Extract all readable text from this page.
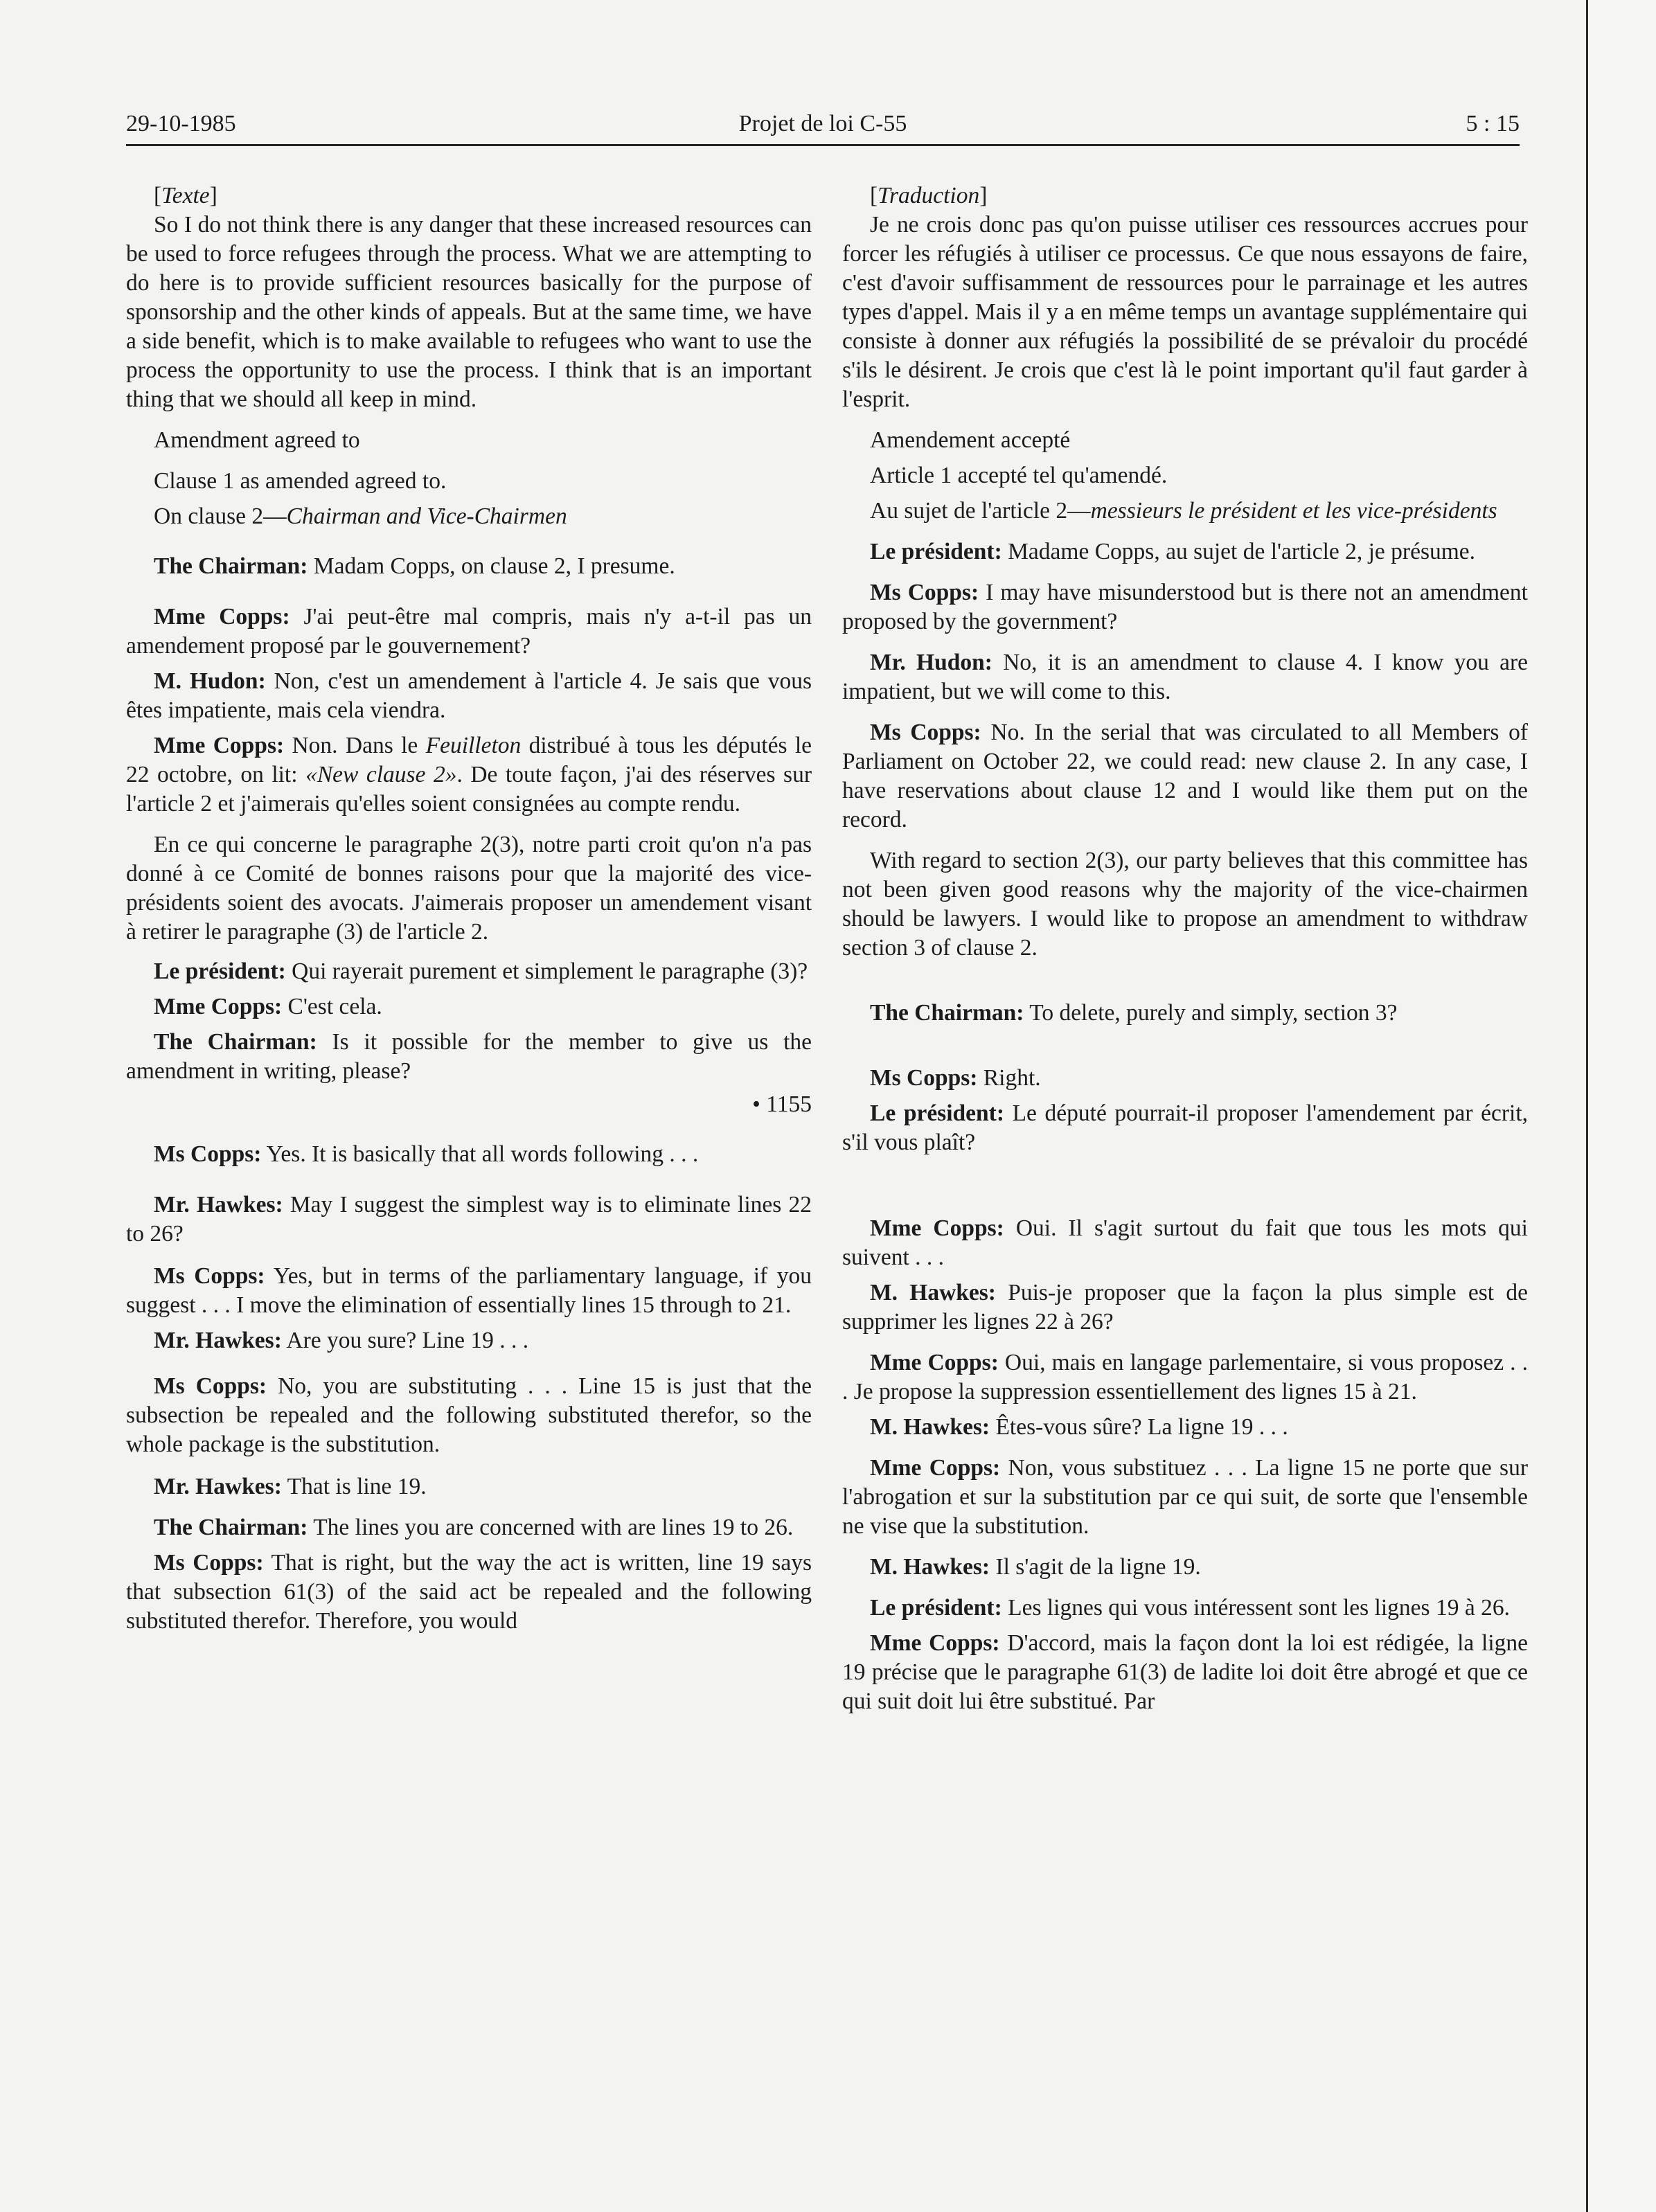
Projet de loi C-55
29-10-1985	5 : 15

[ Texte ]

So I do not think there is any danger that these increased resources can be used to force refugees through the process. What we are attempting to do here is to provide sufficient resources basically for the purpose of sponsorship and the other kinds of appeals. But at the same time, we have a side benefit, which is to make available to refugees who want to use the process the opportunity to use the process. I think that is an important thing that we should all keep in mind.

Amendment agreed to

Clause 1 as amended agreed to.

On clause 2—Chairman and Vice-Chairmen

The Chairman: Madam Copps, on clause 2, I presume.

Mme Copps: J'ai peut-être mal compris, mais n'y a-t-il pas un amendement proposé par le gouvernement?

M. Hudon: Non, c'est un amendement à l'article 4. Je sais que vous êtes impatiente, mais cela viendra.

Mme Copps: Non. Dans le Feuilleton distribué à tous les députés le 22 octobre, on lit: «New clause 2». De toute façon, j'ai des réserves sur l'article 2 et j'aimerais qu'elles soient consignées au compte rendu.

En ce qui concerne le paragraphe 2(3), notre parti croit qu'on n'a pas donné à ce Comité de bonnes raisons pour que la majorité des vice-présidents soient des avocats. J'aimerais proposer un amendement visant à retirer le paragraphe (3) de l'article 2.

Le président: Qui rayerait purement et simplement le paragraphe (3)?

Mme Copps: C'est cela.

The Chairman: Is it possible for the member to give us the amendment in writing, please?

• 1155

Ms Copps: Yes. It is basically that all words following . . .

Mr. Hawkes: May I suggest the simplest way is to eliminate lines 22 to 26?

Ms Copps: Yes, but in terms of the parliamentary language, if you suggest . . . I move the elimination of essentially lines 15 through to 21.

Mr. Hawkes: Are you sure? Line 19 . . .

Ms Copps: No, you are substituting . . . Line 15 is just that the subsection be repealed and the following substituted therefor, so the whole package is the substitution.

Mr. Hawkes: That is line 19.

The Chairman: The lines you are concerned with are lines 19 to 26.

Ms Copps: That is right, but the way the act is written, line 19 says that subsection 61(3) of the said act be repealed and the following substituted therefor. Therefore, you would

[ Traduction ]

Je ne crois donc pas qu'on puisse utiliser ces ressources accrues pour forcer les réfugiés à utiliser ce processus. Ce que nous essayons de faire, c'est d'avoir suffisamment de ressources pour le parrainage et les autres types d'appel. Mais il y a en même temps un avantage supplémentaire qui consiste à donner aux réfugiés la possibilité de se prévaloir du procédé s'ils le désirent. Je crois que c'est là le point important qu'il faut garder à l'esprit.

Amendement accepté

Article 1 accepté tel qu'amendé.

Au sujet de l'article 2—messieurs le président et les vice-présidents

Le président: Madame Copps, au sujet de l'article 2, je présume.

Ms Copps: I may have misunderstood but is there not an amendment proposed by the government?

Mr. Hudon: No, it is an amendment to clause 4. I know you are impatient, but we will come to this.

Ms Copps: No. In the serial that was circulated to all Members of Parliament on October 22, we could read: new clause 2. In any case, I have reservations about clause 12 and I would like them put on the record.

With regard to section 2(3), our party believes that this committee has not been given good reasons why the majority of the vice-chairmen should be lawyers. I would like to propose an amendment to withdraw section 3 of clause 2.

The Chairman: To delete, purely and simply, section 3?

Ms Copps: Right.

Le président: Le député pourrait-il proposer l'amendement par écrit, s'il vous plaît?

Mme Copps: Oui. Il s'agit surtout du fait que tous les mots qui suivent . . .

M. Hawkes: Puis-je proposer que la façon la plus simple est de supprimer les lignes 22 à 26?

Mme Copps: Oui, mais en langage parlementaire, si vous proposez . . . Je propose la suppression essentiellement des lignes 15 à 21.

M. Hawkes: Êtes-vous sûre? La ligne 19 . . .

Mme Copps: Non, vous substituez . . . La ligne 15 ne porte que sur l'abrogation et sur la substitution par ce qui suit, de sorte que l'ensemble ne vise que la substitution.

M. Hawkes: Il s'agit de la ligne 19.

Le président: Les lignes qui vous intéressent sont les lignes 19 à 26.

Mme Copps: D'accord, mais la façon dont la loi est rédigée, la ligne 19 précise que le paragraphe 61(3) de ladite loi doit être abrogé et que ce qui suit doit lui être substitué. Par
